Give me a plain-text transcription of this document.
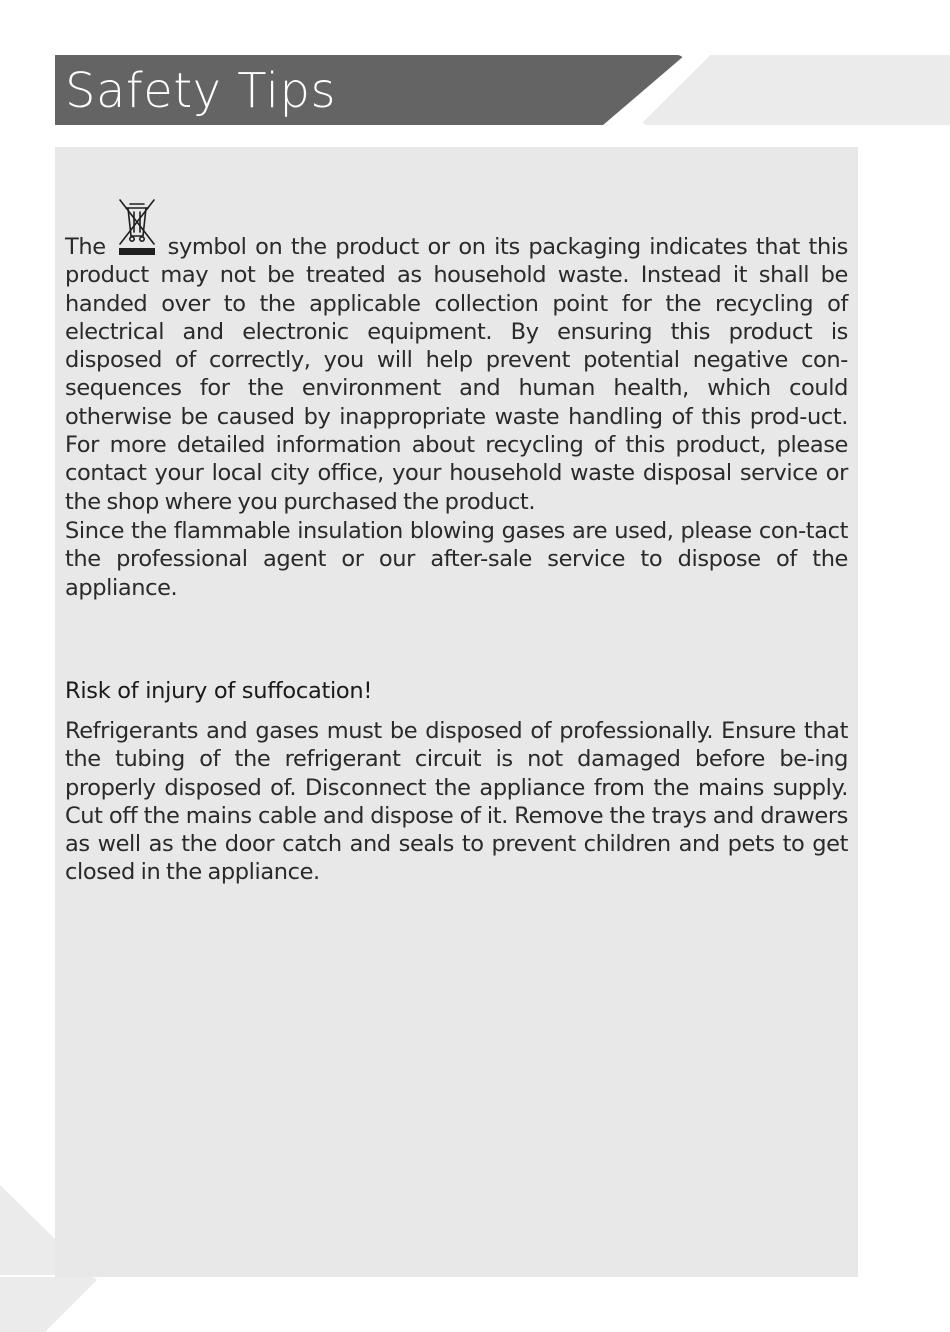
Safety Tips

The	symbol on the product or on its packaging indicates that this product may not be treated as household waste. Instead it shall be handed over to the applicable collection point for the recycling of electrical and electronic equipment. By ensuring this product is disposed of correctly, you will help prevent potential negative con-sequences for the environment and human health, which could otherwise be caused by inappropriate waste handling of this prod-uct. For more detailed information about recycling of this product, please contact your local city office, your household waste disposal service or the shop where you purchased the product.

Since the flammable insulation blowing gases are used, please con-tact the professional agent or our after-sale service to dispose of the appliance.

Risk of injury of suffocation!

Refrigerants and gases must be disposed of professionally. Ensure that the tubing of the refrigerant circuit is not damaged before be-ing properly disposed of. Disconnect the appliance from the mains supply. Cut off the mains cable and dispose of it. Remove the trays and drawers as well as the door catch and seals to prevent children and pets to get closed in the appliance.
